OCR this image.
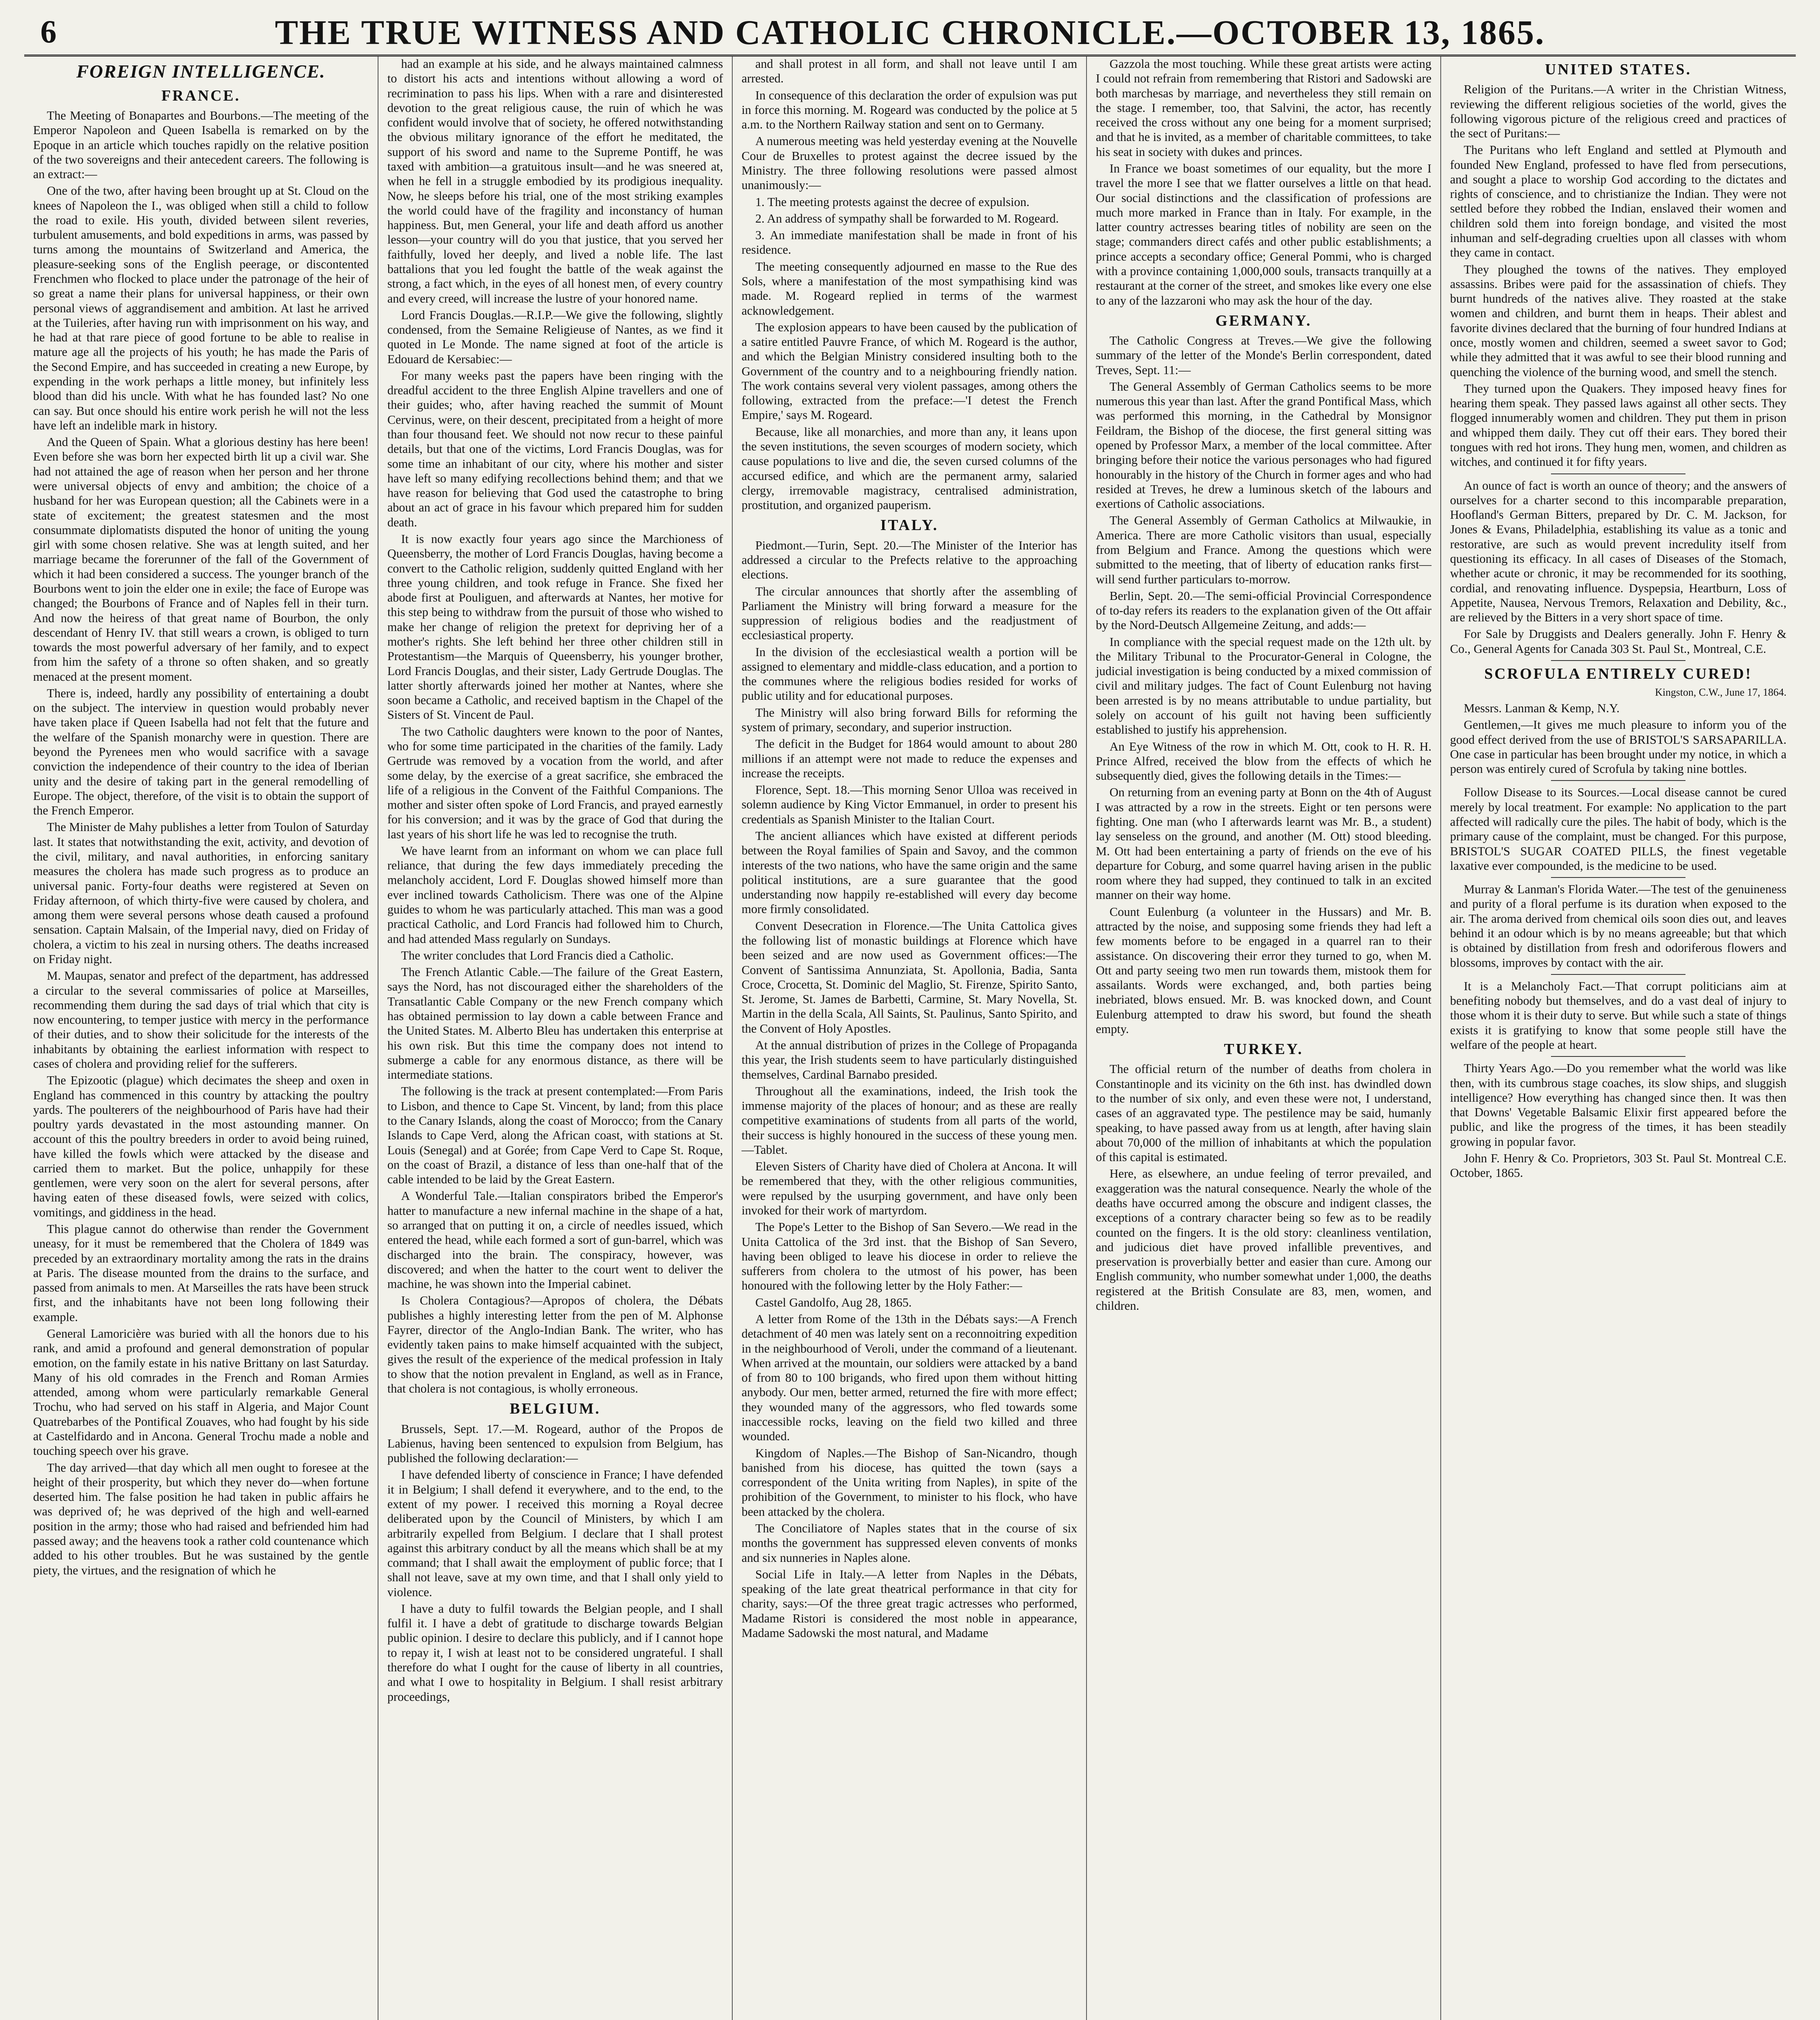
6	THE TRUE WITNESS AND CATHOLIC CHRONICLE.—OCTOBER 13, 1865.
FOREIGN INTELLIGENCE.
FRANCE.

The Meeting of Bonapartes and Bourbons.—The meeting of the Emperor Napoleon and Queen Isabella is remarked on by the Epoque in an article which touches rapidly on the relative position of the two sovereigns and their antecedent careers. The following is an extract:—

One of the two, after having been brought up at St. Cloud on the knees of Napoleon the I., was obliged when still a child to follow the road to exile. His youth, divided between silent reveries, turbulent amusements, and bold expeditions in arms, was passed by turns among the mountains of Switzerland and America, the pleasure-seeking sons of the English peerage, or discontented Frenchmen who flocked to place under the patronage of the heir of so great a name their plans for universal happiness, or their own personal views of aggrandisement and ambition. At last he arrived at the Tuileries, after having run with imprisonment on his way, and he had at that rare piece of good fortune to be able to realise in mature age all the projects of his youth; he has made the Paris of the Second Empire, and has succeeded in creating a new Europe, by expending in the work perhaps a little money, but infinitely less blood than did his uncle. With what he has founded last? No one can say. But once should his entire work perish he will not the less have left an indelible mark in history.

And the Queen of Spain. What a glorious destiny has here been! Even before she was born her expected birth lit up a civil war. She had not attained the age of reason when her person and her throne were universal objects of envy and ambition; the choice of a husband for her was European question; all the Cabinets were in a state of excitement; the greatest statesmen and the most consummate diplomatists disputed the honor of uniting the young girl with some chosen relative. She was at length suited, and her marriage became the forerunner of the fall of the Government of which it had been considered a success. The younger branch of the Bourbons went to join the elder one in exile; the face of Europe was changed; the Bourbons of France and of Naples fell in their turn. And now the heiress of that great name of Bourbon, the only descendant of Henry IV. that still wears a crown, is obliged to turn towards the most powerful adversary of her family, and to expect from him the safety of a throne so often shaken, and so greatly menaced at the present moment.

There is, indeed, hardly any possibility of entertaining a doubt on the subject. The interview in question would probably never have taken place if Queen Isabella had not felt that the future and the welfare of the Spanish monarchy were in question. There are beyond the Pyrenees men who would sacrifice with a savage conviction the independence of their country to the idea of Iberian unity and the desire of taking part in the general remodelling of Europe. The object, therefore, of the visit is to obtain the support of the French Emperor.

The Minister de Mahy publishes a letter from Toulon of Saturday last. It states that notwithstanding the exit, activity, and devotion of the civil, military, and naval authorities, in enforcing sanitary measures the cholera has made such progress as to produce an universal panic. Forty-four deaths were registered at Seven on Friday afternoon, of which thirty-five were caused by cholera, and among them were several persons whose death caused a profound sensation. Captain Malsain, of the Imperial navy, died on Friday of cholera, a victim to his zeal in nursing others. The deaths increased on Friday night.

M. Maupas, senator and prefect of the department, has addressed a circular to the several commissaries of police at Marseilles, recommending them during the sad days of trial which that city is now encountering, to temper justice with mercy in the performance of their duties, and to show their solicitude for the interests of the inhabitants by obtaining the earliest information with respect to cases of cholera and providing relief for the sufferers.

The Epizootic (plague) which decimates the sheep and oxen in England has commenced in this country by attacking the poultry yards. The poulterers of the neighbourhood of Paris have had their poultry yards devastated in the most astounding manner. On account of this the poultry breeders in order to avoid being ruined, have killed the fowls which were attacked by the disease and carried them to market. But the police, unhappily for these gentlemen, were very soon on the alert for several persons, after having eaten of these diseased fowls, were seized with colics, vomitings, and giddiness in the head.

This plague cannot do otherwise than render the Government uneasy, for it must be remembered that the Cholera of 1849 was preceded by an extraordinary mortality among the rats in the drains at Paris. The disease mounted from the drains to the surface, and passed from animals to men. At Marseilles the rats have been struck first, and the inhabitants have not been long following their example.

General Lamoricière was buried with all the honors due to his rank, and amid a profound and general demonstration of popular emotion, on the family estate in his native Brittany on last Saturday. Many of his old comrades in the French and Roman Armies attended, among whom were particularly remarkable General Trochu, who had served on his staff in Algeria, and Major Count Quatrebarbes of the Pontifical Zouaves, who had fought by his side at Castelfidardo and in Ancona. General Trochu made a noble and touching speech over his grave.

The day arrived—that day which all men ought to foresee at the height of their prosperity, but which they never do—when fortune deserted him. The false position he had taken in public affairs he was deprived of; he was deprived of the high and well-earned position in the army; those who had raised and befriended him had passed away; and the heavens took a rather cold countenance which added to his other troubles. But he was sustained by the gentle piety, the virtues, and the resignation of which he

had an example at his side, and he always maintained calmness to distort his acts and intentions without allowing a word of recrimination to pass his lips. When with a rare and disinterested devotion to the great religious cause, the ruin of which he was confident would involve that of society, he offered notwithstanding the obvious military ignorance of the effort he meditated, the support of his sword and name to the Supreme Pontiff, he was taxed with ambition—a gratuitous insult—and he was sneered at, when he fell in a struggle embodied by its prodigious inequality. Now, he sleeps before his trial, one of the most striking examples the world could have of the fragility and inconstancy of human happiness. But, men General, your life and death afford us another lesson—your country will do you that justice, that you served her faithfully, loved her deeply, and lived a noble life. The last battalions that you led fought the battle of the weak against the strong, a fact which, in the eyes of all honest men, of every country and every creed, will increase the lustre of your honored name.

Lord Francis Douglas.—R.I.P.—We give the following, slightly condensed, from the Semaine Religieuse of Nantes, as we find it quoted in Le Monde. The name signed at foot of the article is Edouard de Kersabiec:—

For many weeks past the papers have been ringing with the dreadful accident to the three English Alpine travellers and one of their guides; who, after having reached the summit of Mount Cervinus, were, on their descent, precipitated from a height of more than four thousand feet. We should not now recur to these painful details, but that one of the victims, Lord Francis Douglas, was for some time an inhabitant of our city, where his mother and sister have left so many edifying recollections behind them; and that we have reason for believing that God used the catastrophe to bring about an act of grace in his favour which prepared him for sudden death.

It is now exactly four years ago since the Marchioness of Queensberry, the mother of Lord Francis Douglas, having become a convert to the Catholic religion, suddenly quitted England with her three young children, and took refuge in France. She fixed her abode first at Pouliguen, and afterwards at Nantes, her motive for this step being to withdraw from the pursuit of those who wished to make her change of religion the pretext for depriving her of a mother's rights. She left behind her three other children still in Protestantism—the Marquis of Queensberry, his younger brother, Lord Francis Douglas, and their sister, Lady Gertrude Douglas. The latter shortly afterwards joined her mother at Nantes, where she soon became a Catholic, and received baptism in the Chapel of the Sisters of St. Vincent de Paul.

The two Catholic daughters were known to the poor of Nantes, who for some time participated in the charities of the family. Lady Gertrude was removed by a vocation from the world, and after some delay, by the exercise of a great sacrifice, she embraced the life of a religious in the Convent of the Faithful Companions. The mother and sister often spoke of Lord Francis, and prayed earnestly for his conversion; and it was by the grace of God that during the last years of his short life he was led to recognise the truth.

We have learnt from an informant on whom we can place full reliance, that during the few days immediately preceding the melancholy accident, Lord F. Douglas showed himself more than ever inclined towards Catholicism. There was one of the Alpine guides to whom he was particularly attached. This man was a good practical Catholic, and Lord Francis had followed him to Church, and had attended Mass regularly on Sundays.

The writer concludes that Lord Francis died a Catholic.

The French Atlantic Cable.—The failure of the Great Eastern, says the Nord, has not discouraged either the shareholders of the Transatlantic Cable Company or the new French company which has obtained permission to lay down a cable between France and the United States. M. Alberto Bleu has undertaken this enterprise at his own risk. But this time the company does not intend to submerge a cable for any enormous distance, as there will be intermediate stations.

The following is the track at present contemplated:—From Paris to Lisbon, and thence to Cape St. Vincent, by land; from this place to the Canary Islands, along the coast of Morocco; from the Canary Islands to Cape Verd, along the African coast, with stations at St. Louis (Senegal) and at Gorée; from Cape Verd to Cape St. Roque, on the coast of Brazil, a distance of less than one-half that of the cable intended to be laid by the Great Eastern.

A Wonderful Tale.—Italian conspirators bribed the Emperor's hatter to manufacture a new infernal machine in the shape of a hat, so arranged that on putting it on, a circle of needles issued, which entered the head, while each formed a sort of gun-barrel, which was discharged into the brain. The conspiracy, however, was discovered; and when the hatter to the court went to deliver the machine, he was shown into the Imperial cabinet.

Is Cholera Contagious?—Apropos of cholera, the Débats publishes a highly interesting letter from the pen of M. Alphonse Fayrer, director of the Anglo-Indian Bank. The writer, who has evidently taken pains to make himself acquainted with the subject, gives the result of the experience of the medical profession in Italy to show that the notion prevalent in England, as well as in France, that cholera is not contagious, is wholly erroneous.

BELGIUM.

Brussels, Sept. 17.—M. Rogeard, author of the Propos de Labienus, having been sentenced to expulsion from Belgium, has published the following declaration:—

I have defended liberty of conscience in France; I have defended it in Belgium; I shall defend it everywhere, and to the end, to the extent of my power. I received this morning a Royal decree deliberated upon by the Council of Ministers, by which I am arbitrarily expelled from Belgium. I declare that I shall protest against this arbitrary conduct by all the means which shall be at my command; that I shall await the employment of public force; that I shall not leave, save at my own time, and that I shall only yield to violence.

I have a duty to fulfil towards the Belgian people, and I shall fulfil it. I have a debt of gratitude to discharge towards Belgian public opinion. I desire to declare this publicly, and if I cannot hope to repay it, I wish at least not to be considered ungrateful. I shall therefore do what I ought for the cause of liberty in all countries, and what I owe to hospitality in Belgium. I shall resist arbitrary proceedings,

and shall protest in all form, and shall not leave until I am arrested.

In consequence of this declaration the order of expulsion was put in force this morning. M. Rogeard was conducted by the police at 5 a.m. to the Northern Railway station and sent on to Germany.

A numerous meeting was held yesterday evening at the Nouvelle Cour de Bruxelles to protest against the decree issued by the Ministry. The three following resolutions were passed almost unanimously:—

1. The meeting protests against the decree of expulsion.

2. An address of sympathy shall be forwarded to M. Rogeard.

3. An immediate manifestation shall be made in front of his residence.

The meeting consequently adjourned en masse to the Rue des Sols, where a manifestation of the most sympathising kind was made. M. Rogeard replied in terms of the warmest acknowledgement.

The explosion appears to have been caused by the publication of a satire entitled Pauvre France, of which M. Rogeard is the author, and which the Belgian Ministry considered insulting both to the Government of the country and to a neighbouring friendly nation. The work contains several very violent passages, among others the following, extracted from the preface:—'I detest the French Empire,' says M. Rogeard.

Because, like all monarchies, and more than any, it leans upon the seven institutions, the seven scourges of modern society, which cause populations to live and die, the seven cursed columns of the accursed edifice, and which are the permanent army, salaried clergy, irremovable magistracy, centralised administration, prostitution, and organized pauperism.

ITALY.

Piedmont.—Turin, Sept. 20.—The Minister of the Interior has addressed a circular to the Prefects relative to the approaching elections.

The circular announces that shortly after the assembling of Parliament the Ministry will bring forward a measure for the suppression of religious bodies and the readjustment of ecclesiastical property.

In the division of the ecclesiastical wealth a portion will be assigned to elementary and middle-class education, and a portion to the communes where the religious bodies resided for works of public utility and for educational purposes.

The Ministry will also bring forward Bills for reforming the system of primary, secondary, and superior instruction.

The deficit in the Budget for 1864 would amount to about 280 millions if an attempt were not made to reduce the expenses and increase the receipts.

Florence, Sept. 18.—This morning Senor Ulloa was received in solemn audience by King Victor Emmanuel, in order to present his credentials as Spanish Minister to the Italian Court.

The ancient alliances which have existed at different periods between the Royal families of Spain and Savoy, and the common interests of the two nations, who have the same origin and the same political institutions, are a sure guarantee that the good understanding now happily re-established will every day become more firmly consolidated.

Convent Desecration in Florence.—The Unita Cattolica gives the following list of monastic buildings at Florence which have been seized and are now used as Government offices:—The Convent of Santissima Annunziata, St. Apollonia, Badia, Santa Croce, Crocetta, St. Dominic del Maglio, St. Firenze, Spirito Santo, St. Jerome, St. James de Barbetti, Carmine, St. Mary Novella, St. Martin in the della Scala, All Saints, St. Paulinus, Santo Spirito, and the Convent of Holy Apostles.

At the annual distribution of prizes in the College of Propaganda this year, the Irish students seem to have particularly distinguished themselves, Cardinal Barnabo presided.

Throughout all the examinations, indeed, the Irish took the immense majority of the places of honour; and as these are really competitive examinations of students from all parts of the world, their success is highly honoured in the success of these young men.—Tablet.

Eleven Sisters of Charity have died of Cholera at Ancona. It will be remembered that they, with the other religious communities, were repulsed by the usurping government, and have only been invoked for their work of martyrdom.

The Pope's Letter to the Bishop of San Severo.—We read in the Unita Cattolica of the 3rd inst. that the Bishop of San Severo, having been obliged to leave his diocese in order to relieve the sufferers from cholera to the utmost of his power, has been honoured with the following letter by the Holy Father:—

Castel Gandolfo, Aug 28, 1865.

A letter from Rome of the 13th in the Débats says:—A French detachment of 40 men was lately sent on a reconnoitring expedition in the neighbourhood of Veroli, under the command of a lieutenant. When arrived at the mountain, our soldiers were attacked by a band of from 80 to 100 brigands, who fired upon them without hitting anybody. Our men, better armed, returned the fire with more effect; they wounded many of the aggressors, who fled towards some inaccessible rocks, leaving on the field two killed and three wounded.

Kingdom of Naples.—The Bishop of San-Nicandro, though banished from his diocese, has quitted the town (says a correspondent of the Unita writing from Naples), in spite of the prohibition of the Government, to minister to his flock, who have been attacked by the cholera.

The Conciliatore of Naples states that in the course of six months the government has suppressed eleven convents of monks and six nunneries in Naples alone.

Social Life in Italy.—A letter from Naples in the Débats, speaking of the late great theatrical performance in that city for charity, says:—Of the three great tragic actresses who performed, Madame Ristori is considered the most noble in appearance, Madame Sadowski the most natural, and Madame

Gazzola the most touching. While these great artists were acting I could not refrain from remembering that Ristori and Sadowski are both marchesas by marriage, and nevertheless they still remain on the stage. I remember, too, that Salvini, the actor, has recently received the cross without any one being for a moment surprised; and that he is invited, as a member of charitable committees, to take his seat in society with dukes and princes.

In France we boast sometimes of our equality, but the more I travel the more I see that we flatter ourselves a little on that head. Our social distinctions and the classification of professions are much more marked in France than in Italy. For example, in the latter country actresses bearing titles of nobility are seen on the stage; commanders direct cafés and other public establishments; a prince accepts a secondary office; General Pommi, who is charged with a province containing 1,000,000 souls, transacts tranquilly at a restaurant at the corner of the street, and smokes like every one else to any of the lazzaroni who may ask the hour of the day.

GERMANY.

The Catholic Congress at Treves.—We give the following summary of the letter of the Monde's Berlin correspondent, dated Treves, Sept. 11:—

The General Assembly of German Catholics seems to be more numerous this year than last. After the grand Pontifical Mass, which was performed this morning, in the Cathedral by Monsignor Feildram, the Bishop of the diocese, the first general sitting was opened by Professor Marx, a member of the local committee. After bringing before their notice the various personages who had figured honourably in the history of the Church in former ages and who had resided at Treves, he drew a luminous sketch of the labours and exertions of Catholic associations.

The General Assembly of German Catholics at Milwaukie, in America. There are more Catholic visitors than usual, especially from Belgium and France. Among the questions which were submitted to the meeting, that of liberty of education ranks first—will send further particulars to-morrow.

Berlin, Sept. 20.—The semi-official Provincial Correspondence of to-day refers its readers to the explanation given of the Ott affair by the Nord-Deutsch Allgemeine Zeitung, and adds:—

In compliance with the special request made on the 12th ult. by the Military Tribunal to the Procurator-General in Cologne, the judicial investigation is being conducted by a mixed commission of civil and military judges. The fact of Count Eulenburg not having been arrested is by no means attributable to undue partiality, but solely on account of his guilt not having been sufficiently established to justify his apprehension.

An Eye Witness of the row in which M. Ott, cook to H. R. H. Prince Alfred, received the blow from the effects of which he subsequently died, gives the following details in the Times:—

On returning from an evening party at Bonn on the 4th of August I was attracted by a row in the streets. Eight or ten persons were fighting. One man (who I afterwards learnt was Mr. B., a student) lay senseless on the ground, and another (M. Ott) stood bleeding. M. Ott had been entertaining a party of friends on the eve of his departure for Coburg, and some quarrel having arisen in the public room where they had supped, they continued to talk in an excited manner on their way home.

Count Eulenburg (a volunteer in the Hussars) and Mr. B. attracted by the noise, and supposing some friends they had left a few moments before to be engaged in a quarrel ran to their assistance. On discovering their error they turned to go, when M. Ott and party seeing two men run towards them, mistook them for assailants. Words were exchanged, and, both parties being inebriated, blows ensued. Mr. B. was knocked down, and Count Eulenburg attempted to draw his sword, but found the sheath empty.

TURKEY.

The official return of the number of deaths from cholera in Constantinople and its vicinity on the 6th inst. has dwindled down to the number of six only, and even these were not, I understand, cases of an aggravated type. The pestilence may be said, humanly speaking, to have passed away from us at length, after having slain about 70,000 of the million of inhabitants at which the population of this capital is estimated.

Here, as elsewhere, an undue feeling of terror prevailed, and exaggeration was the natural consequence. Nearly the whole of the deaths have occurred among the obscure and indigent classes, the exceptions of a contrary character being so few as to be readily counted on the fingers. It is the old story: cleanliness ventilation, and judicious diet have proved infallible preventives, and preservation is proverbially better and easier than cure. Among our English community, who number somewhat under 1,000, the deaths registered at the British Consulate are 83, men, women, and children.

UNITED STATES.

Religion of the Puritans.—A writer in the Christian Witness, reviewing the different religious societies of the world, gives the following vigorous picture of the religious creed and practices of the sect of Puritans:—

The Puritans who left England and settled at Plymouth and founded New England, professed to have fled from persecutions, and sought a place to worship God according to the dictates and rights of conscience, and to christianize the Indian. They were not settled before they robbed the Indian, enslaved their women and children sold them into foreign bondage, and visited the most inhuman and self-degrading cruelties upon all classes with whom they came in contact.

They ploughed the towns of the natives. They employed assassins. Bribes were paid for the assassination of chiefs. They burnt hundreds of the natives alive. They roasted at the stake women and children, and burnt them in heaps. Their ablest and favorite divines declared that the burning of four hundred Indians at once, mostly women and children, seemed a sweet savor to God; while they admitted that it was awful to see their blood running and quenching the violence of the burning wood, and smell the stench.

They turned upon the Quakers. They imposed heavy fines for hearing them speak. They passed laws against all other sects. They flogged innumerably women and children. They put them in prison and whipped them daily. They cut off their ears. They bored their tongues with red hot irons. They hung men, women, and children as witches, and continued it for fifty years.

An ounce of fact is worth an ounce of theory; and the answers of ourselves for a charter second to this incomparable preparation, Hoofland's German Bitters, prepared by Dr. C. M. Jackson, for Jones & Evans, Philadelphia, establishing its value as a tonic and restorative, are such as would prevent incredulity itself from questioning its efficacy. In all cases of Diseases of the Stomach, whether acute or chronic, it may be recommended for its soothing, cordial, and renovating influence. Dyspepsia, Heartburn, Loss of Appetite, Nausea, Nervous Tremors, Relaxation and Debility, &c., are relieved by the Bitters in a very short space of time.

For Sale by Druggists and Dealers generally. John F. Henry & Co., General Agents for Canada 303 St. Paul St., Montreal, C.E.

SCROFULA ENTIRELY CURED!

Kingston, C.W., June 17, 1864.

Messrs. Lanman & Kemp, N.Y.

Gentlemen,—It gives me much pleasure to inform you of the good effect derived from the use of BRISTOL'S SARSAPARILLA. One case in particular has been brought under my notice, in which a person was entirely cured of Scrofula by taking nine bottles.

Follow Disease to its Sources.—Local disease cannot be cured merely by local treatment. For example: No application to the part affected will radically cure the piles. The habit of body, which is the primary cause of the complaint, must be changed. For this purpose, BRISTOL'S SUGAR COATED PILLS, the finest vegetable laxative ever compounded, is the medicine to be used.

Murray & Lanman's Florida Water.—The test of the genuineness and purity of a floral perfume is its duration when exposed to the air. The aroma derived from chemical oils soon dies out, and leaves behind it an odour which is by no means agreeable; but that which is obtained by distillation from fresh and odoriferous flowers and blossoms, improves by contact with the air.

It is a Melancholy Fact.—That corrupt politicians aim at benefiting nobody but themselves, and do a vast deal of injury to those whom it is their duty to serve. But while such a state of things exists it is gratifying to know that some people still have the welfare of the people at heart.

Thirty Years Ago.—Do you remember what the world was like then, with its cumbrous stage coaches, its slow ships, and sluggish intelligence? How everything has changed since then. It was then that Downs' Vegetable Balsamic Elixir first appeared before the public, and like the progress of the times, it has been steadily growing in popular favor.

John F. Henry & Co. Proprietors, 303 St. Paul St. Montreal C.E. October, 1865.
